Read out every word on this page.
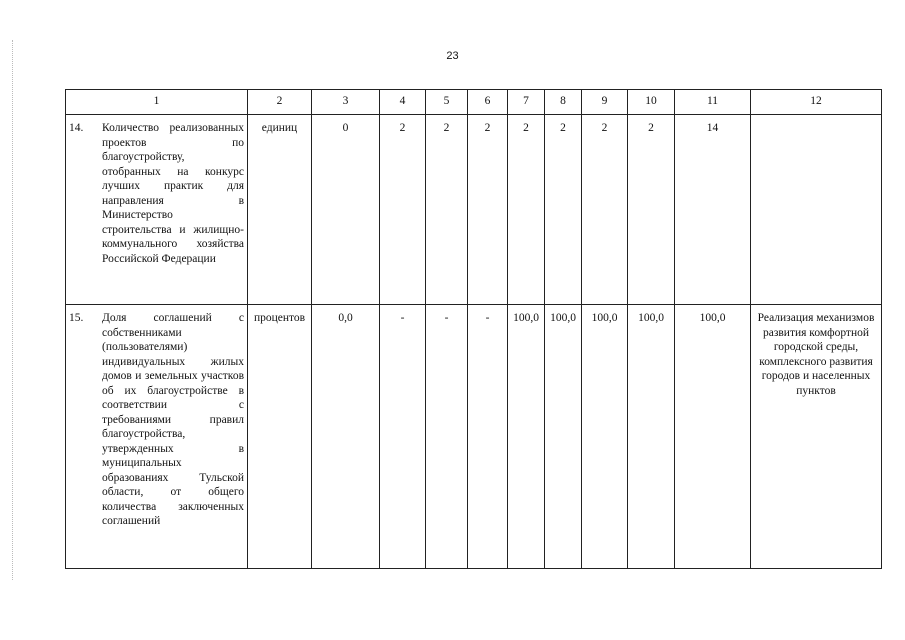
23
1	2	3	4	5	6	7	8	9	10	11	12
14. Количество реализованных проектов по благоустройству, отобранных на конкурс лучших практик для направления в Министерство строительства и жилищно-коммунального хозяйства Российской Федерации	единиц	0	2	2	2	2	2	2	2	14	
15. Доля соглашений с собственниками (пользователями) индивидуальных жилых домов и земельных участков об их благоустройстве в соответствии с требованиями правил благоустройства, утвержденных в муниципальных образованиях Тульской области, от общего количества заключенных соглашений	процентов	0,0	-	-	-	100,0	100,0	100,0	100,0	100,0	Реализация механизмов развития комфортной городской среды, комплексного развития городов и населенных пунктов
